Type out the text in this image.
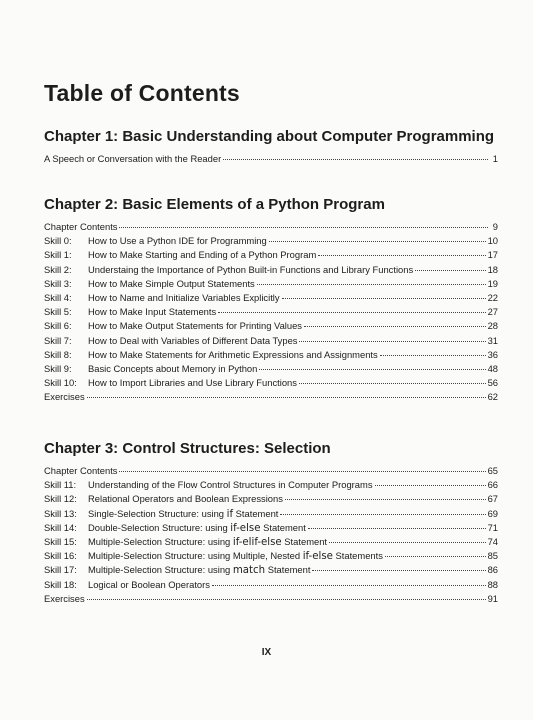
Table of Contents
Chapter 1: Basic Understanding about Computer Programming
A Speech or Conversation with the Reader	1
Chapter 2: Basic Elements of a Python Program
Chapter Contents	9
Skill 0:	How to Use a Python IDE for Programming	10
Skill 1:	How to Make Starting and Ending of a Python Program	17
Skill 2:	Understaing the Importance of Python Built-in Functions and Library Functions	18
Skill 3:	How to Make Simple Output Statements	19
Skill 4:	How to Name and Initialize Variables Explicitly	22
Skill 5:	How to Make Input Statements	27
Skill 6:	How to Make Output Statements for Printing Values	28
Skill 7:	How to Deal with Variables of Different Data Types	31
Skill 8:	How to Make Statements for Arithmetic Expressions and Assignments	36
Skill 9:	Basic Concepts about Memory in Python	48
Skill 10:	How to Import Libraries and Use Library Functions	56
Exercises	62
Chapter 3: Control Structures: Selection
Chapter Contents	65
Skill 11:	Understanding of the Flow Control Structures in Computer Programs	66
Skill 12:	Relational Operators and Boolean Expressions	67
Skill 13:	Single-Selection Structure: using if Statement	69
Skill 14:	Double-Selection Structure: using if-else Statement	71
Skill 15:	Multiple-Selection Structure: using if-elif-else Statement	74
Skill 16:	Multiple-Selection Structure: using Multiple, Nested if-else Statements	85
Skill 17:	Multiple-Selection Structure: using match Statement	86
Skill 18:	Logical or Boolean Operators	88
Exercises	91
IX
